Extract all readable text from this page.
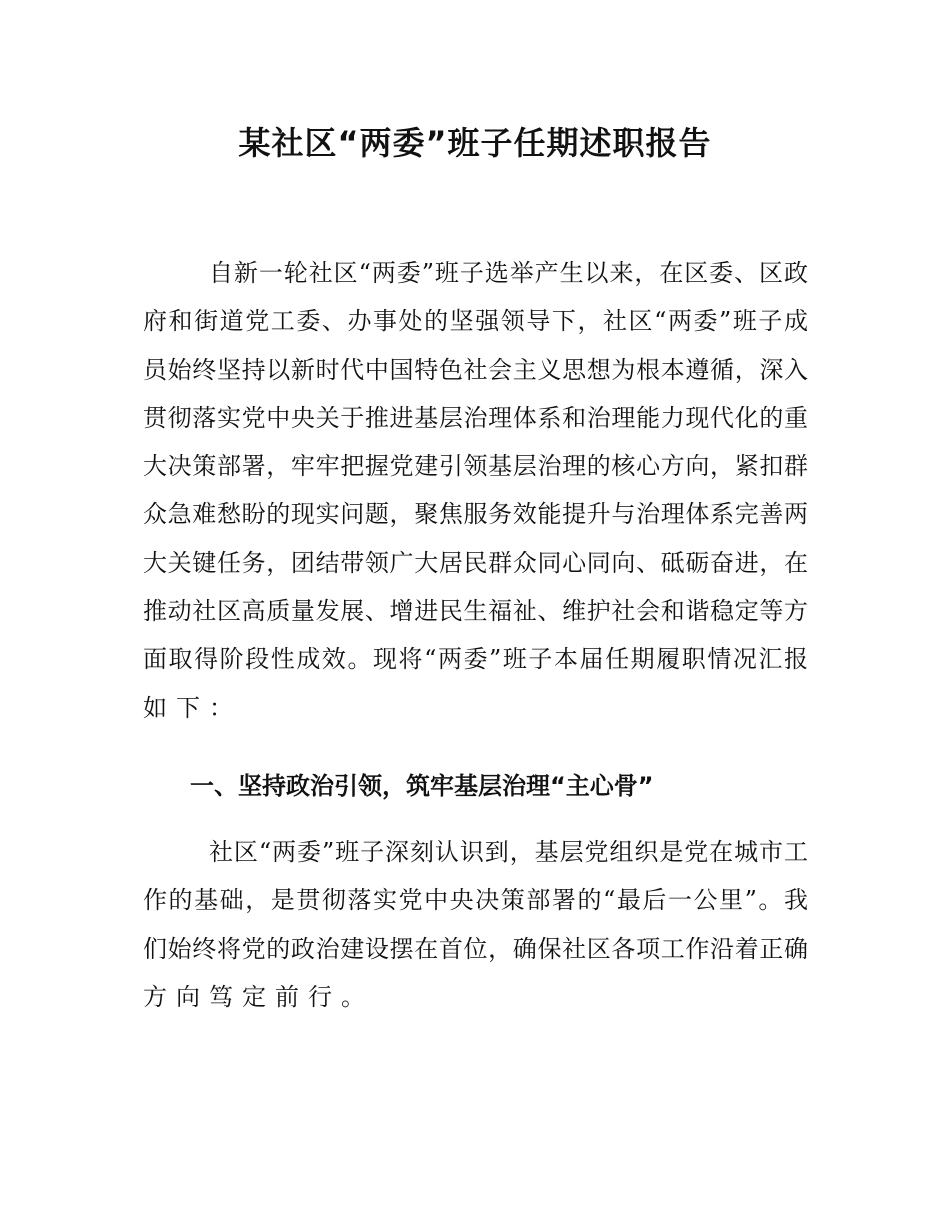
某社区“两委”班子任期述职报告
自新一轮社区“两委”班子选举产生以来，在区委、区政
府和街道党工委、办事处的坚强领导下，社区“两委”班子成
员始终坚持以新时代中国特色社会主义思想为根本遵循，深入
贯彻落实党中央关于推进基层治理体系和治理能力现代化的重
大决策部署，牢牢把握党建引领基层治理的核心方向，紧扣群
众急难愁盼的现实问题，聚焦服务效能提升与治理体系完善两
大关键任务，团结带领广大居民群众同心同向、砥砺奋进，在
推动社区高质量发展、增进民生福祉、维护社会和谐稳定等方
面取得阶段性成效。现将“两委”班子本届任期履职情况汇报
如下：
一、坚持政治引领，筑牢基层治理“主心骨”
社区“两委”班子深刻认识到，基层党组织是党在城市工
作的基础，是贯彻落实党中央决策部署的“最后一公里”。我
们始终将党的政治建设摆在首位，确保社区各项工作沿着正确
方向笃定前行。
